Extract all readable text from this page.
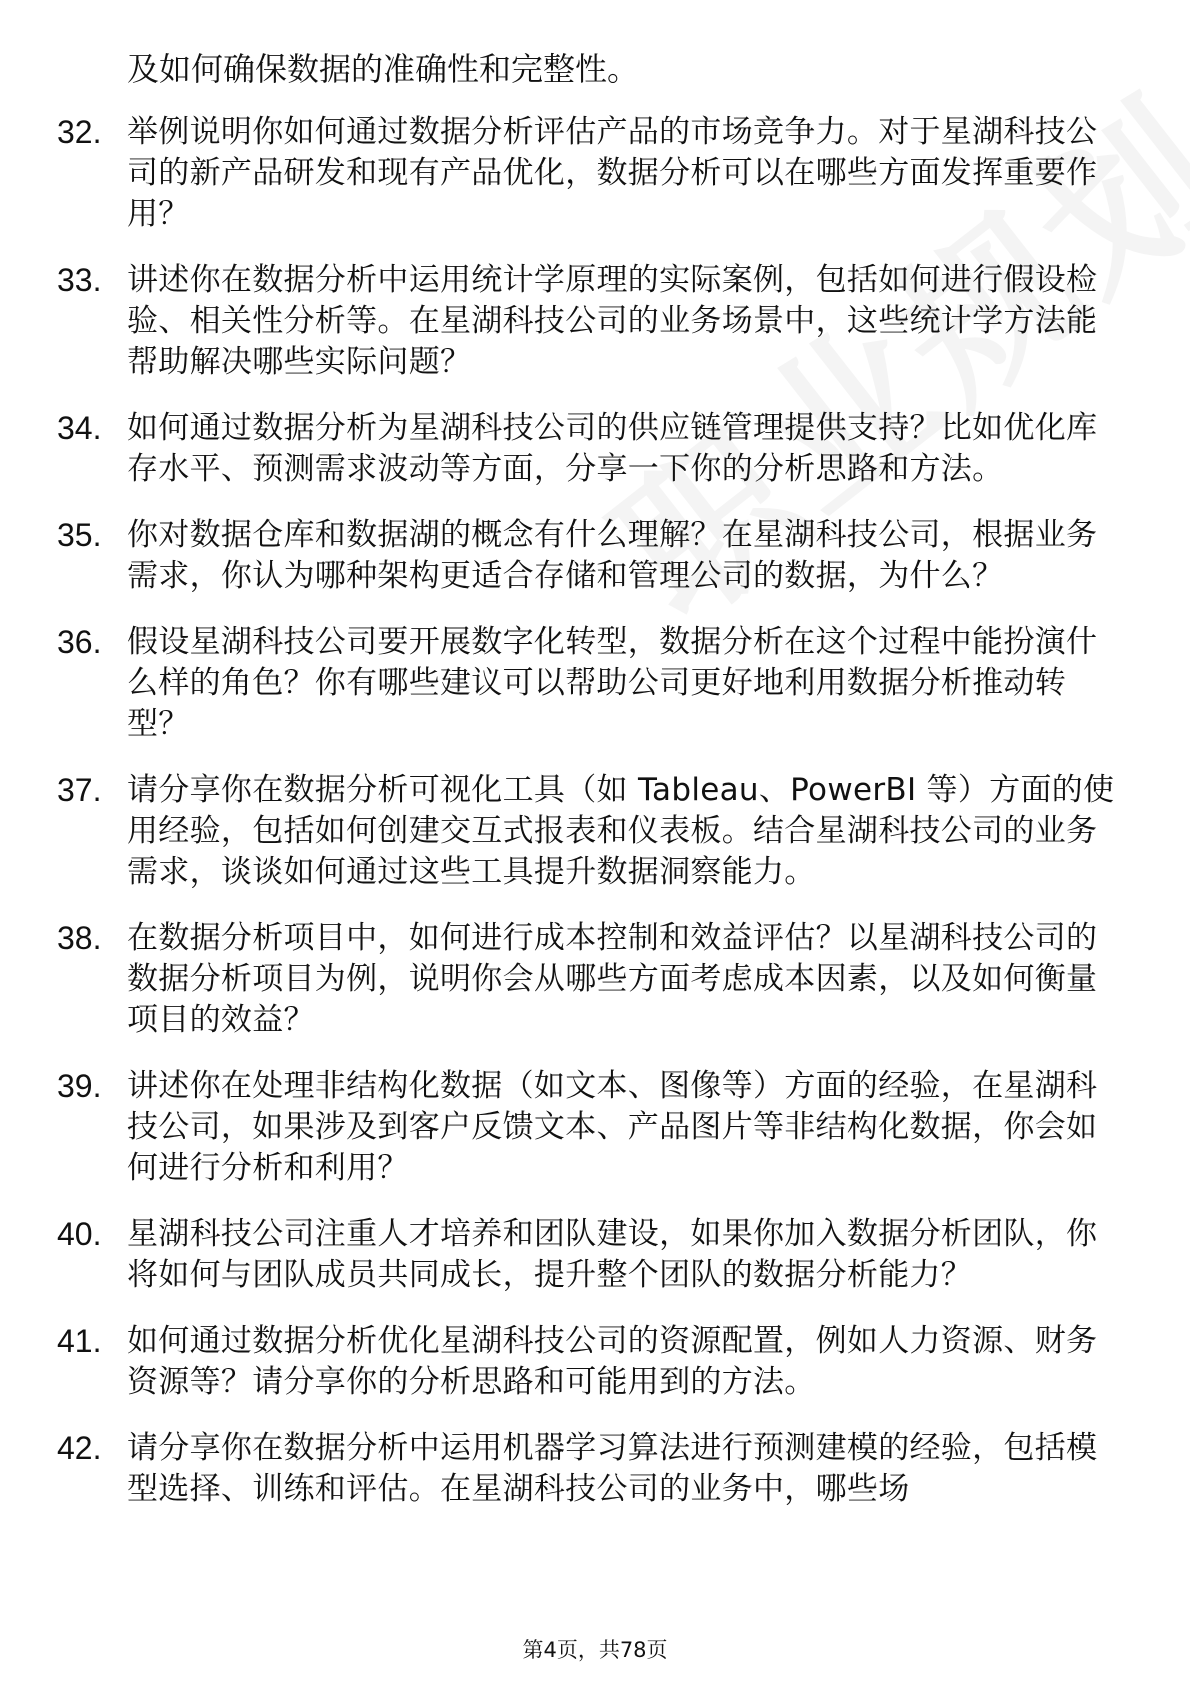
及如何确保数据的准确性和完整性。
32. 举例说明你如何通过数据分析评估产品的市场竞争力。对于星湖科技公司的新产品研发和现有产品优化，数据分析可以在哪些方面发挥重要作用？
33. 讲述你在数据分析中运用统计学原理的实际案例，包括如何进行假设检验、相关性分析等。在星湖科技公司的业务场景中，这些统计学方法能帮助解决哪些实际问题？
34. 如何通过数据分析为星湖科技公司的供应链管理提供支持？比如优化库存水平、预测需求波动等方面，分享一下你的分析思路和方法。
35. 你对数据仓库和数据湖的概念有什么理解？在星湖科技公司，根据业务需求，你认为哪种架构更适合存储和管理公司的数据，为什么？
36. 假设星湖科技公司要开展数字化转型，数据分析在这个过程中能扮演什么样的角色？你有哪些建议可以帮助公司更好地利用数据分析推动转型？
37. 请分享你在数据分析可视化工具（如 Tableau、PowerBI 等）方面的使用经验，包括如何创建交互式报表和仪表板。结合星湖科技公司的业务需求，谈谈如何通过这些工具提升数据洞察能力。
38. 在数据分析项目中，如何进行成本控制和效益评估？以星湖科技公司的数据分析项目为例，说明你会从哪些方面考虑成本因素，以及如何衡量项目的效益？
39. 讲述你在处理非结构化数据（如文本、图像等）方面的经验，在星湖科技公司，如果涉及到客户反馈文本、产品图片等非结构化数据，你会如何进行分析和利用？
40. 星湖科技公司注重人才培养和团队建设，如果你加入数据分析团队，你将如何与团队成员共同成长，提升整个团队的数据分析能力？
41. 如何通过数据分析优化星湖科技公司的资源配置，例如人力资源、财务资源等？请分享你的分析思路和可能用到的方法。
42. 请分享你在数据分析中运用机器学习算法进行预测建模的经验，包括模型选择、训练和评估。在星湖科技公司的业务中，哪些场
第4页，共78页
